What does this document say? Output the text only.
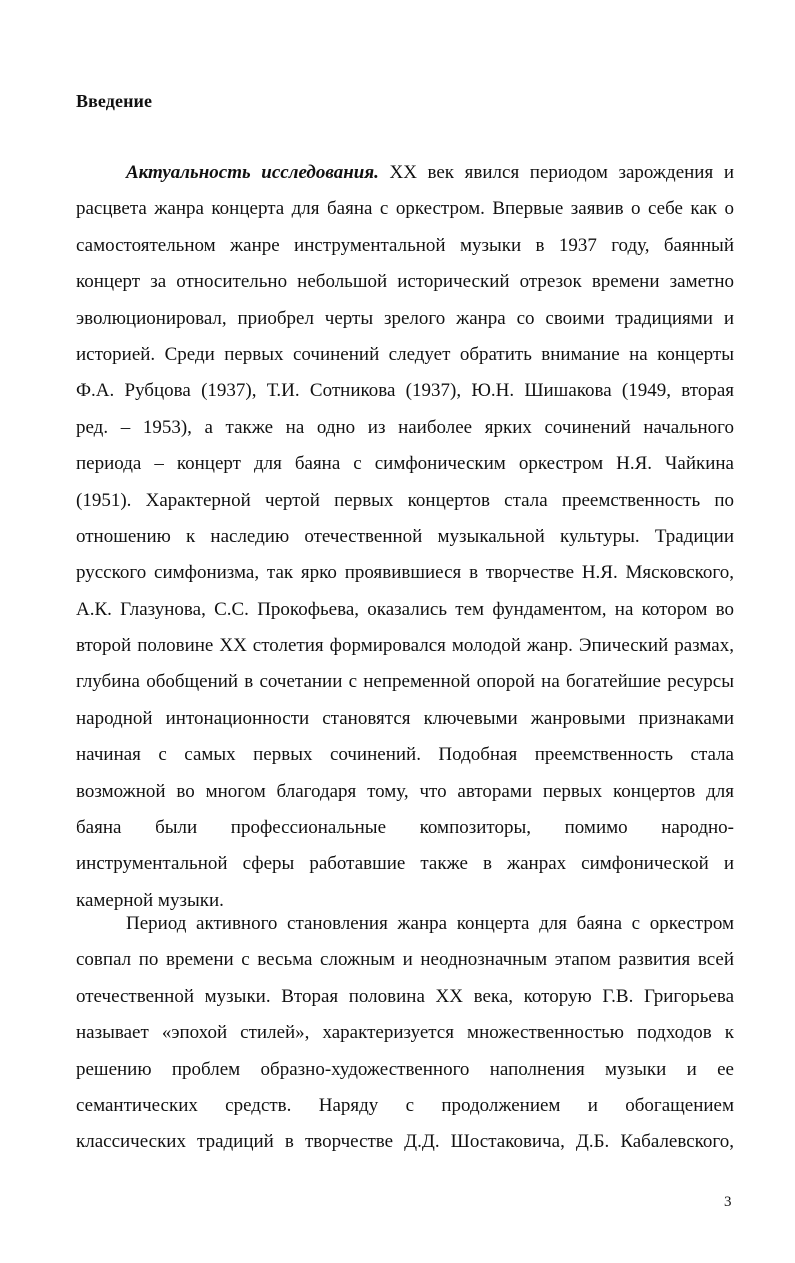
Введение
Актуальность исследования. XX век явился периодом зарождения и
расцвета жанра концерта для баяна с оркестром. Впервые заявив о себе как о
самостоятельном жанре инструментальной музыки в 1937 году, баянный
концерт за относительно небольшой исторический отрезок времени заметно
эволюционировал, приобрел черты зрелого жанра со своими традициями и
историей. Среди первых сочинений следует обратить внимание на концерты
Ф.А. Рубцова (1937), Т.И. Сотникова (1937), Ю.Н. Шишакова (1949, вторая
ред. – 1953), а также на одно из наиболее ярких сочинений начального
периода – концерт для баяна с симфоническим оркестром Н.Я. Чайкина
(1951). Характерной чертой первых концертов стала преемственность по
отношению к наследию отечественной музыкальной культуры. Традиции
русского симфонизма, так ярко проявившиеся в творчестве Н.Я. Мясковского,
А.К. Глазунова, С.С. Прокофьева, оказались тем фундаментом, на котором во
второй половине XX столетия формировался молодой жанр. Эпический размах,
глубина обобщений в сочетании с непременной опорой на богатейшие ресурсы
народной интонационности становятся ключевыми жанровыми признаками
начиная с самых первых сочинений. Подобная преемственность стала
возможной во многом благодаря тому, что авторами первых концертов для
баяна были профессиональные композиторы, помимо народно-
инструментальной сферы работавшие также в жанрах симфонической и
камерной музыки.
Период активного становления жанра концерта для баяна с оркестром
совпал по времени с весьма сложным и неоднозначным этапом развития всей
отечественной музыки. Вторая половина XX века, которую Г.В. Григорьева
называет «эпохой стилей», характеризуется множественностью подходов к
решению проблем образно-художественного наполнения музыки и ее
семантических средств. Наряду с продолжением и обогащением
классических традиций в творчестве Д.Д. Шостаковича, Д.Б. Кабалевского,
3
